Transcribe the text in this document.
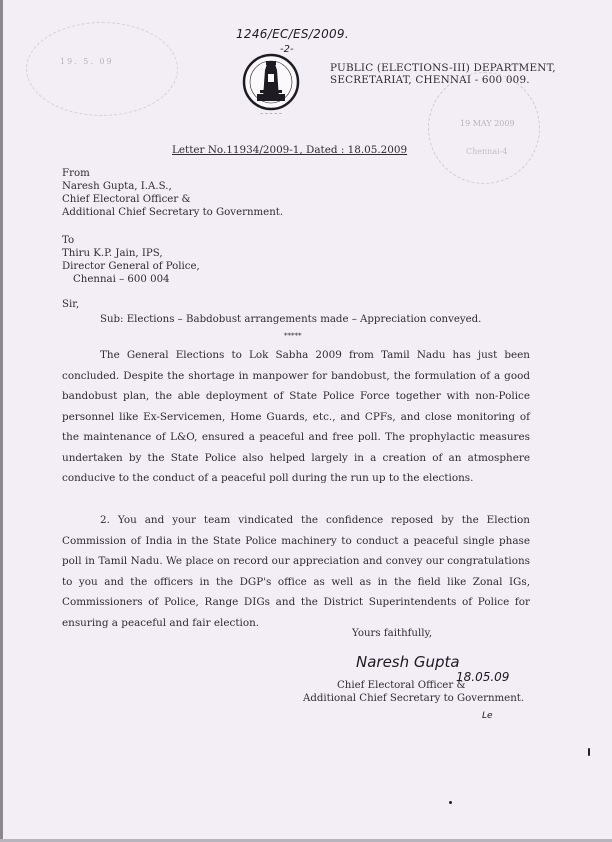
19. 5. 09
19 MAY 2009
Chennai-4
1246/EC/ES/2009.
-2-
~ ~ ~ ~ ~
PUBLIC (ELECTIONS-III) DEPARTMENT,
SECRETARIAT, CHENNAI - 600 009.
Letter No.11934/2009-1, Dated : 18.05.2009
From
Naresh Gupta, I.A.S.,
Chief Electoral Officer &
Additional Chief Secretary to Government.
To
Thiru K.P. Jain, IPS,
Director General of Police,
Chennai – 600 004
Sir,
Sub: Elections – Babdobust arrangements made – Appreciation conveyed.
*****
The General Elections to Lok Sabha 2009 from Tamil Nadu has just been concluded. Despite the shortage in manpower for bandobust, the formulation of a good bandobust plan, the able deployment of State Police Force together with non-Police personnel like Ex-Servicemen, Home Guards, etc., and CPFs, and close monitoring of the maintenance of L&O, ensured a peaceful and free poll. The prophylactic measures undertaken by the State Police also helped largely in a creation of an atmosphere conducive to the conduct of a peaceful poll during the run up to the elections.
2. You and your team vindicated the confidence reposed by the Election Commission of India in the State Police machinery to conduct a peaceful single phase poll in Tamil Nadu. We place on record our appreciation and convey our congratulations to you and the officers in the DGP's office as well as in the field like Zonal IGs, Commissioners of Police, Range DIGs and the District Superintendents of Police for ensuring a peaceful and fair election.
Yours faithfully,
Naresh Gupta
18.05.09
Chief Electoral Officer &
Additional Chief Secretary to Government.
Le
